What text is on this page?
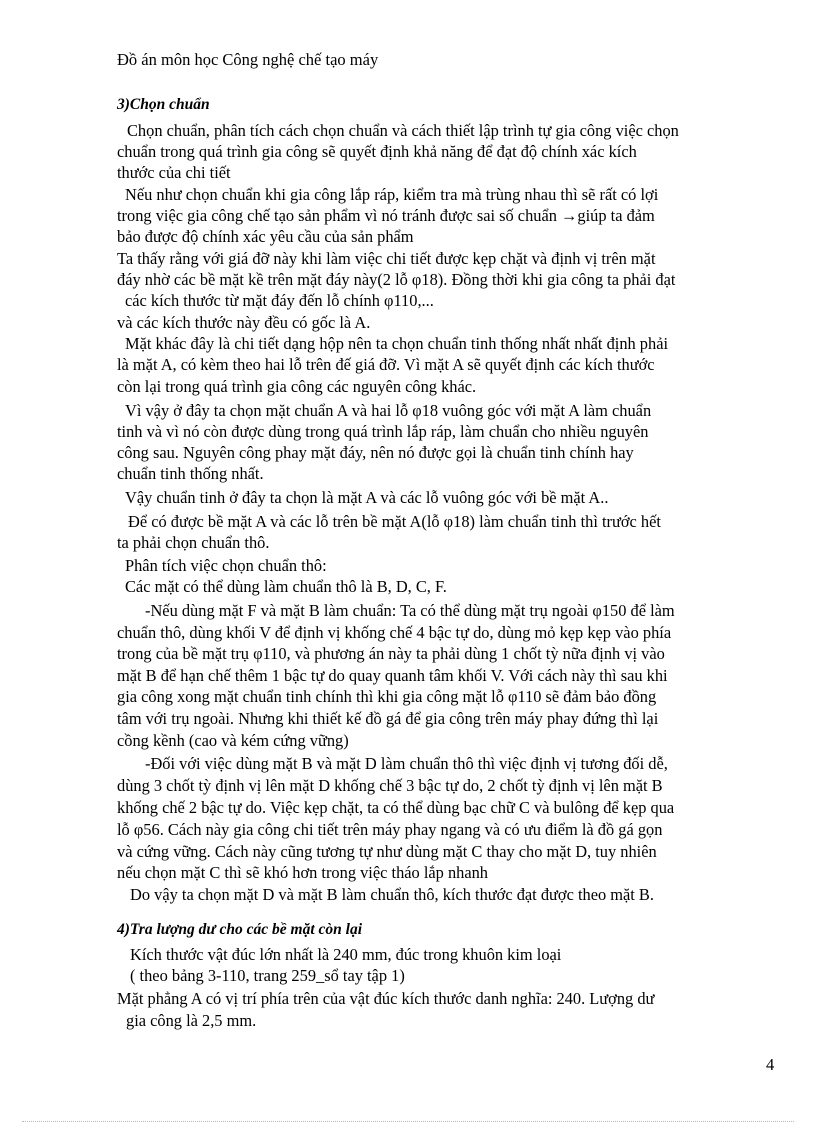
Đồ án môn học Công nghệ chế tạo máy
3)Chọn chuẩn
Chọn chuẩn, phân tích cách chọn chuẩn và cách thiết lập trình tự gia công việc chọn
chuẩn trong quá trình gia công sẽ quyết định khả năng để đạt độ chính xác kích
thước của chi tiết
Nếu như chọn chuẩn khi gia công lắp ráp, kiểm tra mà trùng nhau thì sẽ rất có lợi
trong việc gia công chế tạo sản phẩm vì nó tránh được sai số chuẩn →giúp ta đảm
bảo được độ chính xác yêu cầu của sản phẩm
Ta thấy rằng với giá đỡ này khi làm việc chi tiết được kẹp chặt và định vị trên mặt
đáy nhờ các bề mặt kề trên mặt đáy này(2 lỗ φ18). Đồng thời khi gia công ta phải đạt
các kích thước từ mặt đáy đến lỗ chính φ110,...
và các kích thước này đều có gốc là A.
Mặt khác đây là chi tiết dạng hộp nên ta chọn chuẩn tinh thống nhất nhất định phải
là mặt A, có kèm theo hai lỗ trên đế giá đỡ. Vì mặt A sẽ quyết định các kích thước
còn lại trong quá trình gia công các nguyên công khác.
Vì vậy ở đây ta chọn mặt chuẩn A và hai lỗ φ18 vuông góc với mặt A làm chuẩn
tinh và vì nó còn được dùng trong quá trình lắp ráp, làm chuẩn cho nhiều nguyên
công sau. Nguyên công phay mặt đáy, nên nó được gọi là chuẩn tinh chính hay
chuẩn tinh thống nhất.
Vậy chuẩn tinh ở đây ta chọn là mặt A và các lỗ vuông góc với bề mặt A..
Để có được bề mặt A và các lỗ trên bề mặt A(lỗ φ18) làm chuẩn tinh thì trước hết
ta phải chọn chuẩn thô.
Phân tích việc chọn chuẩn thô:
Các mặt có thể dùng làm chuẩn thô là B, D, C, F.
-Nếu dùng mặt F và mặt B làm chuẩn: Ta có thể dùng mặt trụ ngoài φ150 để làm
chuẩn thô, dùng khối V để định vị khống chế 4 bậc tự do, dùng mỏ kẹp kẹp vào phía
trong của bề mặt trụ φ110, và phương án này ta phải dùng 1 chốt tỳ nữa định vị vào
mặt B để hạn chế thêm 1 bậc tự do quay quanh tâm khối V. Với cách này thì sau khi
gia công xong mặt chuẩn tinh chính thì khi gia công mặt lỗ φ110 sẽ đảm bảo đồng
tâm với trụ ngoài. Nhưng khi thiết kế đồ gá để gia công trên máy phay đứng thì lại
cồng kềnh (cao và kém cứng vững)
-Đối với việc dùng mặt B và mặt D làm chuẩn thô thì việc định vị tương đối dễ,
dùng 3 chốt tỳ định vị lên mặt D khống chế 3 bậc tự do, 2 chốt tỳ định vị lên mặt B
khống chế 2 bậc tự do. Việc kẹp chặt, ta có thể dùng bạc chữ C và bulông để kẹp qua
lỗ φ56. Cách này gia công chi tiết trên máy phay ngang và có ưu điểm là đồ gá gọn
và cứng vững. Cách này cũng tương tự như dùng mặt C thay cho mặt D, tuy nhiên
nếu chọn mặt C thì sẽ khó hơn trong việc tháo lắp nhanh
Do vậy ta chọn mặt D và mặt B làm chuẩn thô, kích thước đạt được theo mặt B.
4)Tra lượng dư cho các bề mặt còn lại
Kích thước vật đúc lớn nhất là 240 mm, đúc trong khuôn kim loại
( theo bảng 3-110, trang 259_sổ tay tập 1)
Mặt phẳng A có vị trí phía trên của vật đúc kích thước danh nghĩa: 240. Lượng dư
gia công là 2,5 mm.
4
